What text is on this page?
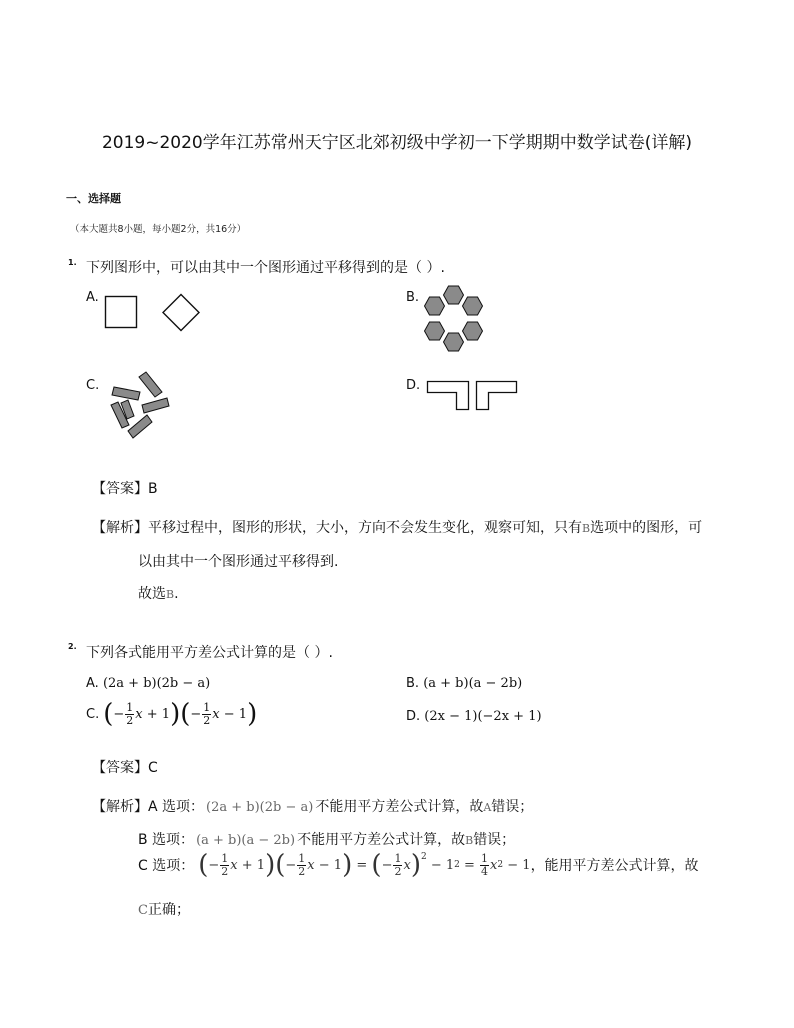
2019~2020学年江苏常州天宁区北郊初级中学初一下学期期中数学试卷(详解)
一、选择题
（本大题共8小题，每小题2分，共16分）
1. 下列图形中，可以由其中一个图形通过平移得到的是（ ）.
A.	B.
C.	D.
【答案】B
【解析】平移过程中，图形的形状，大小，方向不会发生变化，观察可知，只有B选项中的图形，可
以由其中一个图形通过平移得到.
故选B.
2. 下列各式能用平方差公式计算的是（ ）.
A. (2a + b)(2b − a)	B. (a + b)(a − 2b)
C. ( − $\frac{1}{2}$ x + 1 ) ( − $\frac{1}{2}$ x − 1 )	D. (2x − 1)(−2x + 1)
【答案】C
【解析】A 选项： (2a + b)(2b − a) 不能用平方差公式计算，故A错误；
B 选项： (a + b)(a − 2b) 不能用平方差公式计算，故B错误；
C 选项： ( − $\frac{1}{2}$ x + 1 ) ( − $\frac{1}{2}$ x − 1 ) = ( − $\frac{1}{2}$ x )$^2$
− $1_2 = \frac{1}{4}$ x 2 − 1 ，能用平方差公式计算，故
C正确；
